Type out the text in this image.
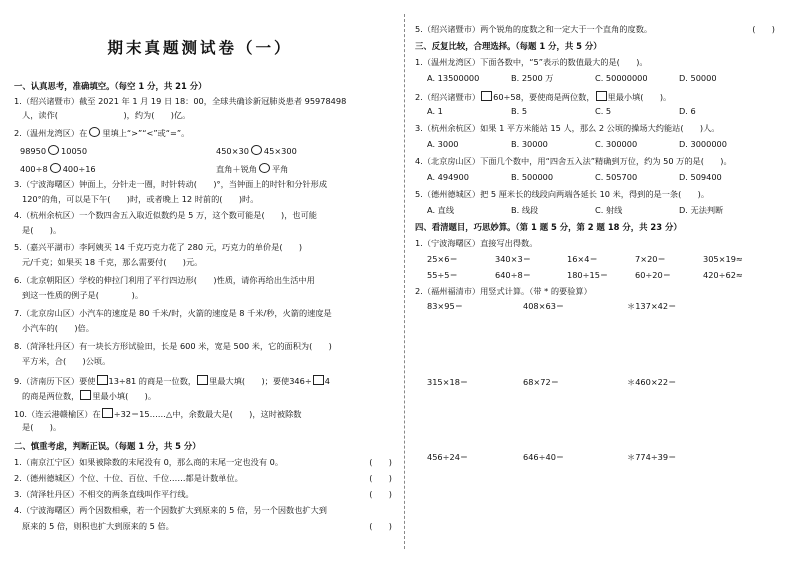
期末真题测试卷（一）
一、认真思考，准确填空。（每空 1 分，共 21 分）
1.（绍兴诸暨市）截至 2021 年 1 月 19 日 18：00，全球共确诊新冠肺炎患者 95978498
人，读作(　　　　　　　　)，约为(　　)亿。
2.（温州龙湾区）在 里填上“>”“<”或“=”。
98950 10050	450×30 45×300
400÷8 400÷16	直角＋锐角 平角
3.（宁波海曙区）钟面上，分针走一圈，时针转动(　　)°，当钟面上的时针和分针形成
120°的角，可以是下午(　　)时，或者晚上 12 时前的(　　)时。
4.（杭州余杭区）一个数四舍五入取近似数约是 5 万，这个数可能是(　　)，也可能
是(　　)。
5.（嘉兴平湖市）李阿姨买 14 千克巧克力花了 280 元，巧克力的单价是(　　)
元/千克；如果买 18 千克，那么需要付(　　)元。
6.（北京朝阳区）学校的伸拉门利用了平行四边形(　　)性质，请你再给出生活中用
到这一性质的例子是(　　　　)。
7.（北京房山区）小汽车的速度是 80 千米/时，火箭的速度是 8 千米/秒，火箭的速度是
小汽车的(　　)倍。
8.（菏泽牡丹区）有一块长方形试验田，长是 600 米，宽是 500 米，它的面积为(　　)
平方米，合(　　)公顷。
9.（济南历下区）要使 13÷81 的商是一位数， 里最大填(　　)；要使346÷ 4
的商是两位数， 里最小填(　　)。
10.（连云港赣榆区）在 ÷32＝15……△中，余数最大是(　　)，这时被除数
是(　　)。
二、慎重考虑，判断正误。（每题 1 分，共 5 分）
1.（南京江宁区）如果被除数的末尾没有 0，那么商的末尾一定也没有 0。	(　　)
2.（德州德城区）个位、十位、百位、千位……都是计数单位。	(　　)
3.（菏泽牡丹区）不相交的两条直线叫作平行线。	(　　)
4.（宁波海曙区）两个因数相乘，若一个因数扩大到原来的 5 倍，另一个因数也扩大到
原来的 5 倍，则积也扩大到原来的 5 倍。	(　　)
5.（绍兴诸暨市）两个锐角的度数之和一定大于一个直角的度数。	(　　)
三、反复比较，合理选择。（每题 1 分，共 5 分）
1.（温州龙湾区）下面各数中，“5”表示的数值最大的是(　　)。
A. 13500000	B. 2500 万	C. 50000000	D. 50000
2.（绍兴诸暨市） 60÷58，要使商是两位数， 里最小填(　　)。
A. 1	B. 5	C. 5	D. 6
3.（杭州余杭区）如果 1 平方米能站 15 人，那么 2 公顷的操场大约能站(　　)人。
A. 3000	B. 30000	C. 300000	D. 3000000
4.（北京房山区）下面几个数中，用“四舍五入法”精确到万位，约为 50 万的是(　　)。
A. 494900	B. 500000	C. 505700	D. 509400
5.（德州德城区）把 5 厘米长的线段向两端各延长 10 米，得到的是一条(　　)。
A. 直线	B. 线段	C. 射线	D. 无法判断
四、看清题目，巧思妙算。（第 1 题 5 分，第 2 题 18 分，共 23 分）
1.（宁波海曙区）直接写出得数。
25×6＝	340×3＝	16×4＝	7×20＝	305×19≈
55÷5＝	640÷8＝	180÷15＝	60÷20＝	420÷62≈
2.（福州福清市）用竖式计算。（带 * 的要验算）
83×95＝	408×63＝	＊137×42＝
315×18＝	68×72＝	＊460×22＝
456÷24＝	646÷40＝	＊774÷39＝
